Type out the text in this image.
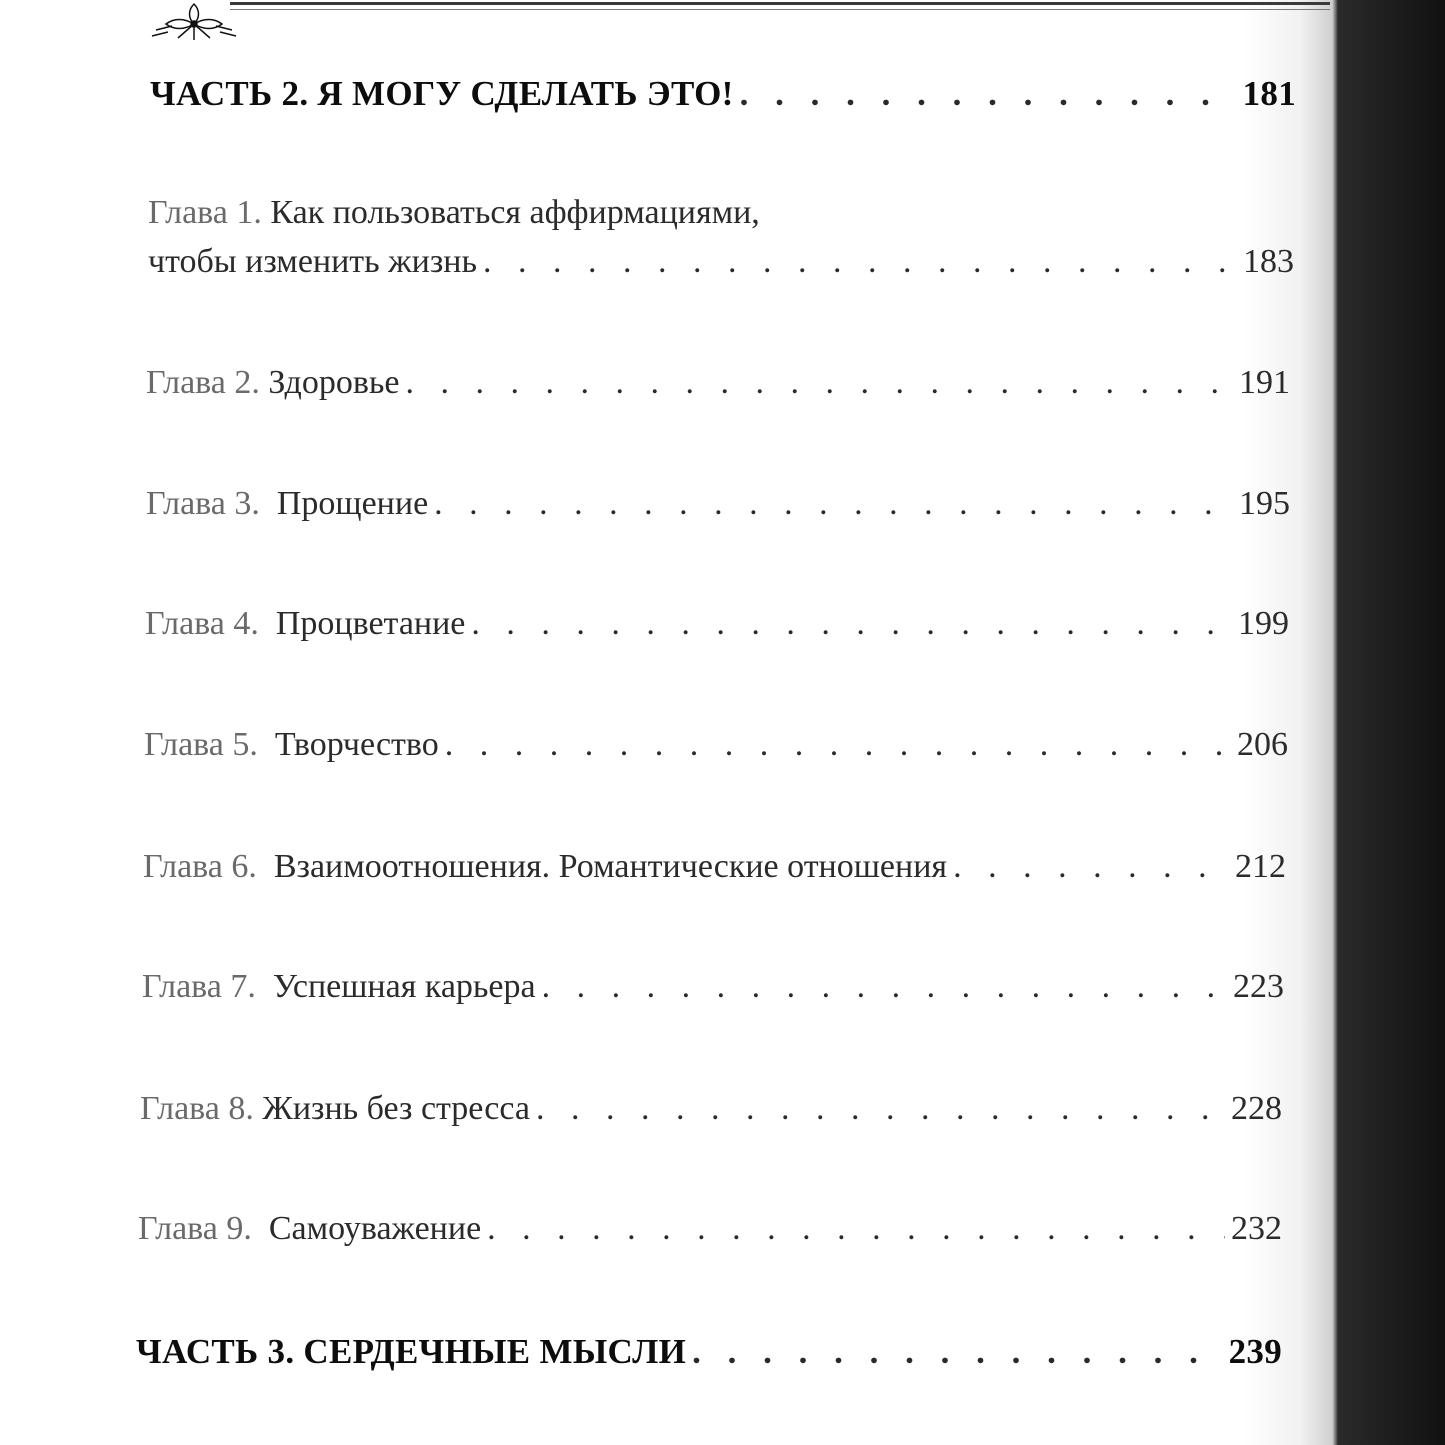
ЧАСТЬ 2. Я МОГУ СДЕЛАТЬ ЭТО! . . .	181
Глава 1. Как пользоваться аффирмациями,
чтобы изменить жизнь . . .	183
Глава 2. Здоровье . . .	191
Глава 3. Прощение . . .	195
Глава 4. Процветание . . .	199
Глава 5. Творчество . . .	206
Глава 6. Взаимоотношения. Романтические отношения . . .	212
Глава 7. Успешная карьера . . .	223
Глава 8. Жизнь без стресса . . .	228
Глава 9. Самоуважение . . .	232
ЧАСТЬ 3. СЕРДЕЧНЫЕ МЫСЛИ . . .	239
